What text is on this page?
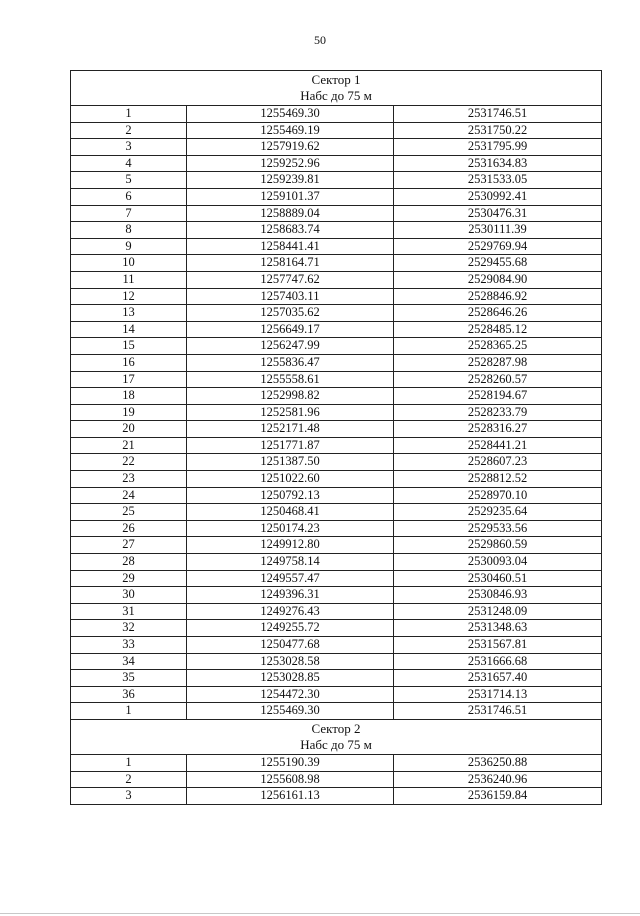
50
Сектор 1
Набс до 75 м		

1	1255469.30	2531746.51
2	1255469.19	2531750.22
3	1257919.62	2531795.99
4	1259252.96	2531634.83
5	1259239.81	2531533.05
6	1259101.37	2530992.41
7	1258889.04	2530476.31
8	1258683.74	2530111.39
9	1258441.41	2529769.94
10	1258164.71	2529455.68
11	1257747.62	2529084.90
12	1257403.11	2528846.92
13	1257035.62	2528646.26
14	1256649.17	2528485.12
15	1256247.99	2528365.25
16	1255836.47	2528287.98
17	1255558.61	2528260.57
18	1252998.82	2528194.67
19	1252581.96	2528233.79
20	1252171.48	2528316.27
21	1251771.87	2528441.21
22	1251387.50	2528607.23
23	1251022.60	2528812.52
24	1250792.13	2528970.10
25	1250468.41	2529235.64
26	1250174.23	2529533.56
27	1249912.80	2529860.59
28	1249758.14	2530093.04
29	1249557.47	2530460.51
30	1249396.31	2530846.93
31	1249276.43	2531248.09
32	1249255.72	2531348.63
33	1250477.68	2531567.81
34	1253028.58	2531666.68
35	1253028.85	2531657.40
36	1254472.30	2531714.13
1	1255469.30	2531746.51

Сектор 2
Набс до 75 м		

1	1255190.39	2536250.88
2	1255608.98	2536240.96
3	1256161.13	2536159.84
